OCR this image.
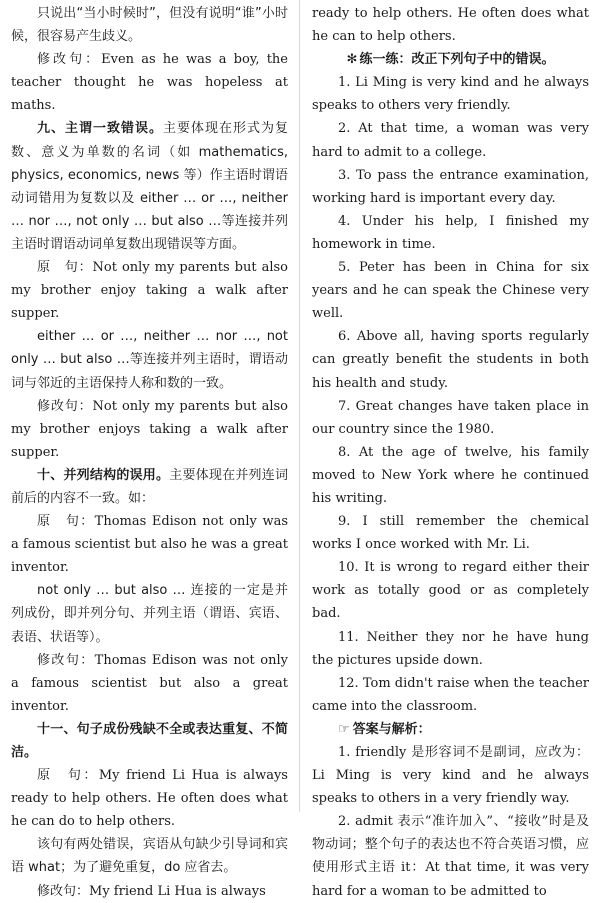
只说出“当小时候时”，但没有说明“谁”小时候，很容易产生歧义。

修改句：Even as he was a boy, the teacher thought he was hopeless at maths.

九、主谓一致错误。主要体现在形式为复数、意义为单数的名词（如 mathematics, physics, economics, news 等）作主语时谓语动词错用为复数以及 either … or …, neither … nor …, not only … but also …等连接并列主语时谓语动词单复数出现错误等方面。

原　句：Not only my parents but also my brother enjoy taking a walk after supper.

either … or …, neither … nor …, not only … but also …等连接并列主语时，谓语动词与邻近的主语保持人称和数的一致。

修改句：Not only my parents but also my brother enjoys taking a walk after supper.

十、并列结构的误用。主要体现在并列连词前后的内容不一致。如：

原　句：Thomas Edison not only was a famous scientist but also he was a great inventor.

not only … but also … 连接的一定是并列成份，即并列分句、并列主语（谓语、宾语、表语、状语等）。

修改句：Thomas Edison was not only a famous scientist but also a great inventor.

十一、句子成份残缺不全或表达重复、不简洁。

原　句：My friend Li Hua is always ready to help others. He often does what he can do to help others.

该句有两处错误，宾语从句缺少引导词和宾语 what；为了避免重复，do 应省去。

修改句：My friend Li Hua is always

ready to help others. He often does what he can to help others.

✻ 练一练：改正下列句子中的错误。

1. Li Ming is very kind and he always speaks to others very friendly.

2. At that time, a woman was very hard to admit to a college.

3. To pass the entrance examination, working hard is important every day.

4. Under his help, I finished my homework in time.

5. Peter has been in China for six years and he can speak the Chinese very well.

6. Above all, having sports regularly can greatly benefit the students in both his health and study.

7. Great changes have taken place in our country since the 1980.

8. At the age of twelve, his family moved to New York where he continued his writing.

9. I still remember the chemical works I once worked with Mr. Li.

10. It is wrong to regard either their work as totally good or as completely bad.

11. Neither they nor he have hung the pictures upside down.

12. Tom didn't raise when the teacher came into the classroom.

☞ 答案与解析：

1. friendly 是形容词不是副词，应改为：Li Ming is very kind and he always speaks to others in a very friendly way.

2. admit 表示“准许加入”、“接收”时是及物动词；整个句子的表达也不符合英语习惯，应使用形式主语 it：At that time, it was very hard for a woman to be admitted to
